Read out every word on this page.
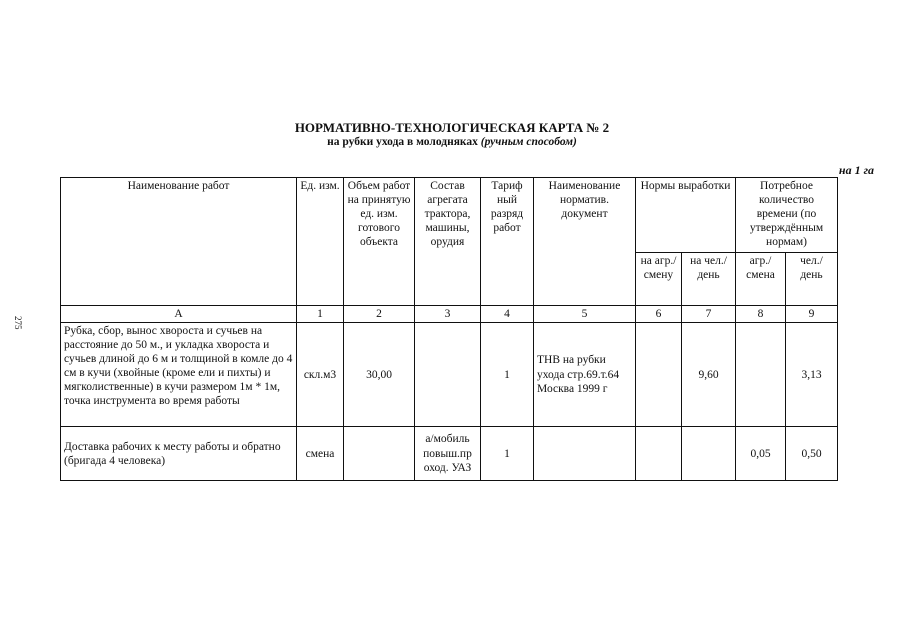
275
НОРМАТИВНО-ТЕХНОЛОГИЧЕСКАЯ КАРТА № 2
на рубки ухода в молодняках (ручным способом)
на 1 га
Наименование работ	Ед. изм.	Объем работ на принятую ед. изм. готового объекта	Состав агрегата трактора, машины, орудия	Тариф ный разряд работ	Наименование норматив. документ	Нормы выработки		Потребное количество времени (по утверждённым нормам)	
						на агр./ смену	на чел./ день	агр./ смена	чел./ день
А	1	2	3	4	5	6	7	8	9
Рубка, сбор, вынос хвороста и сучьев на расстояние до 50 м., и укладка хвороста и сучьев длиной до 6 м и толщиной в комле до 4 см в кучи (хвойные (кроме ели и пихты) и мягколиственные) в кучи размером 1м * 1м, точка инструмента во время работы	скл.м3	30,00		1	ТНВ на рубки ухода стр.69.т.64 Москва 1999 г		9,60		3,13
Доставка рабочих к месту работы и обратно (бригада 4 человека)	смена		а/мобиль повыш.пр оход. УАЗ	1				0,05	0,50
